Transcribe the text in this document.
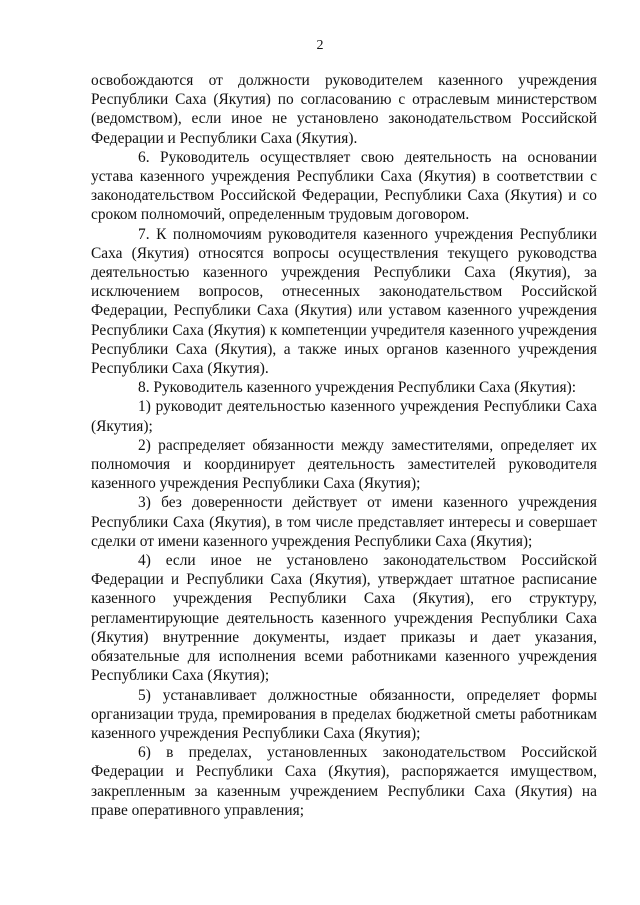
2

освобождаются от должности руководителем казенного учреждения Республики Саха (Якутия) по согласованию с отраслевым министерством (ведомством), если иное не установлено законодательством Российской Федерации и Республики Саха (Якутия).

6. Руководитель осуществляет свою деятельность на основании устава казенного учреждения Республики Саха (Якутия) в соответствии с законодательством Российской Федерации, Республики Саха (Якутия) и со сроком полномочий, определенным трудовым договором.

7. К полномочиям руководителя казенного учреждения Республики Саха (Якутия) относятся вопросы осуществления текущего руководства деятельностью казенного учреждения Республики Саха (Якутия), за исключением вопросов, отнесенных законодательством Российской Федерации, Республики Саха (Якутия) или уставом казенного учреждения Республики Саха (Якутия) к компетенции учредителя казенного учреждения Республики Саха (Якутия), а также иных органов казенного учреждения Республики Саха (Якутия).

8. Руководитель казенного учреждения Республики Саха (Якутия):

1) руководит деятельностью казенного учреждения Республики Саха (Якутия);

2) распределяет обязанности между заместителями, определяет их полномочия и координирует деятельность заместителей руководителя казенного учреждения Республики Саха (Якутия);

3) без доверенности действует от имени казенного учреждения Республики Саха (Якутия), в том числе представляет интересы и совершает сделки от имени казенного учреждения Республики Саха (Якутия);

4) если иное не установлено законодательством Российской Федерации и Республики Саха (Якутия), утверждает штатное расписание казенного учреждения Республики Саха (Якутия), его структуру, регламентирующие деятельность казенного учреждения Республики Саха (Якутия) внутренние документы, издает приказы и дает указания, обязательные для исполнения всеми работниками казенного учреждения Республики Саха (Якутия);

5) устанавливает должностные обязанности, определяет формы организации труда, премирования в пределах бюджетной сметы работникам казенного учреждения Республики Саха (Якутия);

6) в пределах, установленных законодательством Российской Федерации и Республики Саха (Якутия), распоряжается имуществом, закрепленным за казенным учреждением Республики Саха (Якутия) на праве оперативного управления;
